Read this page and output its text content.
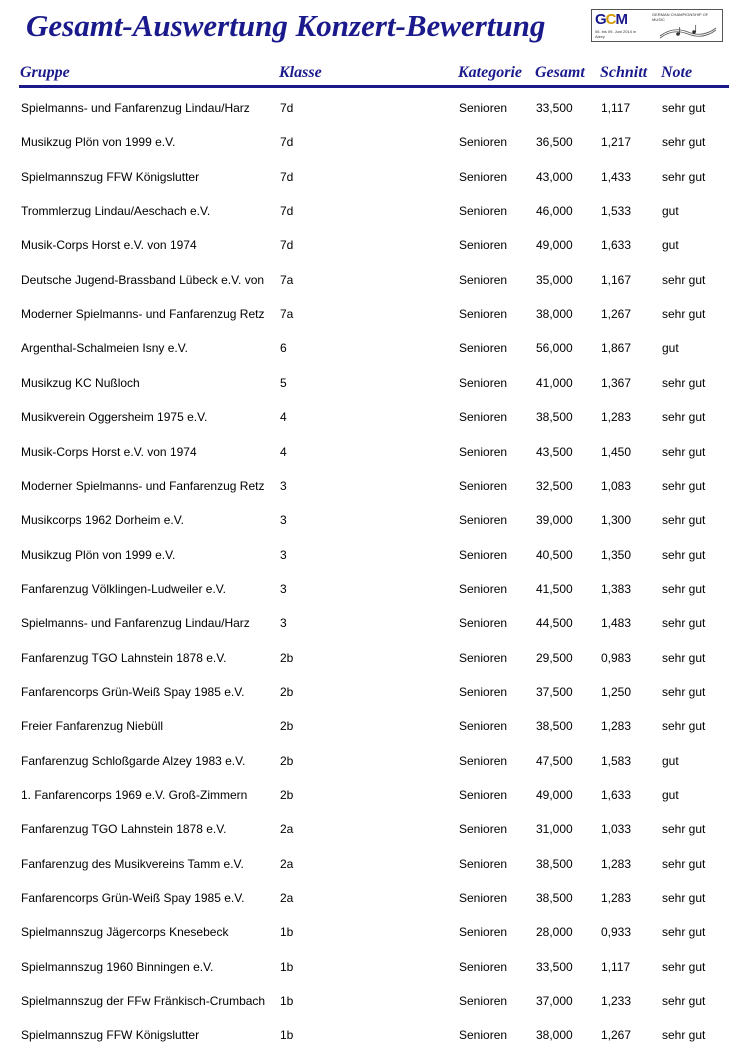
Gesamt-Auswertung Konzert-Bewertung	GCM
06. bis 09. Juni 2014 in Alzey
GERMAN CHAMPIONSHIP OF MUSIC
Gruppe	Klasse	Kategorie Gesamt Schnitt Note
Spielmanns- und Fanfarenzug Lindau/Harz	7d	Senioren 33,500 1,117	sehr gut
Musikzug Plön von 1999 e.V.	7d	Senioren 36,500 1,217	sehr gut
Spielmannszug FFW Königslutter	7d	Senioren 43,000 1,433	sehr gut
Trommlerzug Lindau/Aeschach e.V.	7d	Senioren 46,000 1,533	gut
Musik-Corps Horst e.V. von 1974	7d	Senioren 49,000 1,633	gut
Deutsche Jugend-Brassband Lübeck e.V. von	7a	Senioren 35,000 1,167	sehr gut
Moderner Spielmanns- und Fanfarenzug Retz	7a	Senioren 38,000 1,267	sehr gut
Argenthal-Schalmeien Isny e.V.	6	Senioren 56,000 1,867	gut
Musikzug KC Nußloch	5	Senioren 41,000 1,367	sehr gut
Musikverein Oggersheim 1975 e.V.	4	Senioren 38,500 1,283	sehr gut
Musik-Corps Horst e.V. von 1974	4	Senioren 43,500 1,450	sehr gut
Moderner Spielmanns- und Fanfarenzug Retz	3	Senioren 32,500 1,083	sehr gut
Musikcorps 1962 Dorheim e.V.	3	Senioren 39,000 1,300	sehr gut
Musikzug Plön von 1999 e.V.	3	Senioren 40,500 1,350	sehr gut
Fanfarenzug Völklingen-Ludweiler e.V.	3	Senioren 41,500 1,383	sehr gut
Spielmanns- und Fanfarenzug Lindau/Harz	3	Senioren 44,500 1,483	sehr gut
Fanfarenzug TGO Lahnstein 1878 e.V.	2b	Senioren 29,500 0,983	sehr gut
Fanfarencorps Grün-Weiß Spay 1985 e.V.	2b	Senioren 37,500 1,250	sehr gut
Freier Fanfarenzug Niebüll	2b	Senioren 38,500 1,283	sehr gut
Fanfarenzug Schloßgarde Alzey 1983 e.V.	2b	Senioren 47,500 1,583	gut
1. Fanfarencorps 1969 e.V. Groß-Zimmern	2b	Senioren 49,000 1,633	gut
Fanfarenzug TGO Lahnstein 1878 e.V.	2a	Senioren 31,000 1,033	sehr gut
Fanfarenzug des Musikvereins Tamm e.V.	2a	Senioren 38,500 1,283	sehr gut
Fanfarencorps Grün-Weiß Spay 1985 e.V.	2a	Senioren 38,500 1,283	sehr gut
Spielmannszug Jägercorps Knesebeck	1b	Senioren 28,000 0,933	sehr gut
Spielmannszug 1960 Binningen e.V.	1b	Senioren 33,500 1,117	sehr gut
Spielmannszug der FFw Fränkisch-Crumbach	1b	Senioren 37,000 1,233	sehr gut
Spielmannszug FFW Königslutter	1b	Senioren 38,000 1,267	sehr gut
